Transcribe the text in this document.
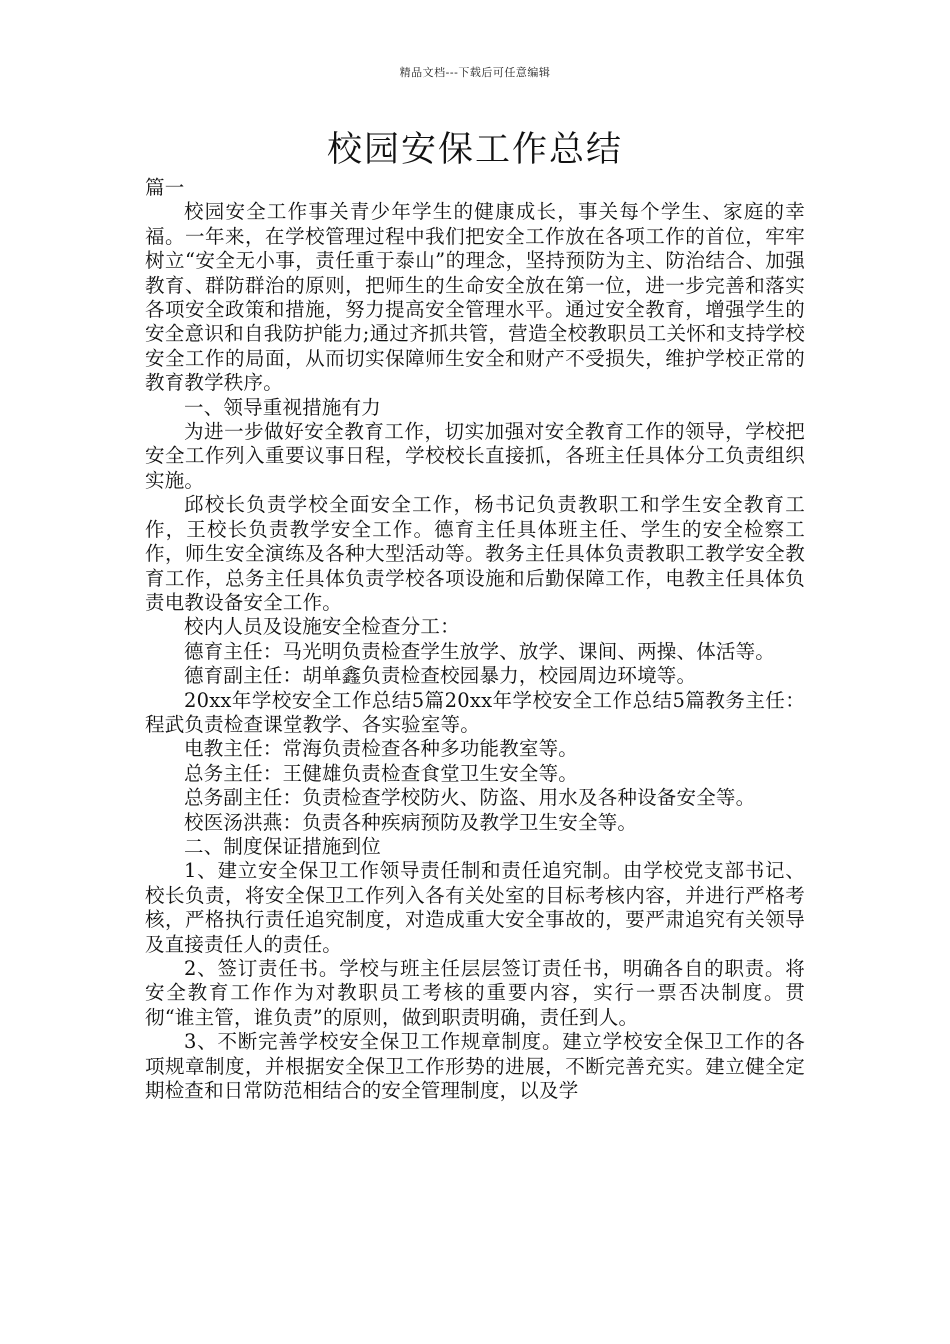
精品文档---下载后可任意编辑
校园安保工作总结

篇一

校园安全工作事关青少年学生的健康成长，事关每个学生、家庭的幸福。一年来，在学校管理过程中我们把安全工作放在各项工作的首位，牢牢树立“安全无小事，责任重于泰山”的理念，坚持预防为主、防治结合、加强教育、群防群治的原则，把师生的生命安全放在第一位，进一步完善和落实各项安全政策和措施，努力提高安全管理水平。通过安全教育，增强学生的安全意识和自我防护能力;通过齐抓共管，营造全校教职员工关怀和支持学校安全工作的局面，从而切实保障师生安全和财产不受损失，维护学校正常的教育教学秩序。

一、领导重视措施有力

为进一步做好安全教育工作，切实加强对安全教育工作的领导，学校把安全工作列入重要议事日程，学校校长直接抓，各班主任具体分工负责组织实施。

邱校长负责学校全面安全工作，杨书记负责教职工和学生安全教育工作，王校长负责教学安全工作。德育主任具体班主任、学生的安全检察工作，师生安全演练及各种大型活动等。教务主任具体负责教职工教学安全教育工作，总务主任具体负责学校各项设施和后勤保障工作，电教主任具体负责电教设备安全工作。

校内人员及设施安全检查分工：

德育主任：马光明负责检查学生放学、放学、课间、两操、体活等。

德育副主任：胡单鑫负责检查校园暴力，校园周边环境等。

20xx年学校安全工作总结5篇20xx年学校安全工作总结5篇教务主任：程武负责检查课堂教学、各实验室等。

电教主任：常海负责检查各种多功能教室等。

总务主任：王健雄负责检查食堂卫生安全等。

总务副主任：负责检查学校防火、防盗、用水及各种设备安全等。

校医汤洪燕：负责各种疾病预防及教学卫生安全等。

二、制度保证措施到位

1、建立安全保卫工作领导责任制和责任追究制。由学校党支部书记、校长负责，将安全保卫工作列入各有关处室的目标考核内容，并进行严格考核，严格执行责任追究制度，对造成重大安全事故的，要严肃追究有关领导及直接责任人的责任。

2、签订责任书。学校与班主任层层签订责任书，明确各自的职责。将安全教育工作作为对教职员工考核的重要内容，实行一票否决制度。贯彻“谁主管，谁负责”的原则，做到职责明确，责任到人。

3、不断完善学校安全保卫工作规章制度。建立学校安全保卫工作的各项规章制度，并根据安全保卫工作形势的进展，不断完善充实。建立健全定期检查和日常防范相结合的安全管理制度，以及学
